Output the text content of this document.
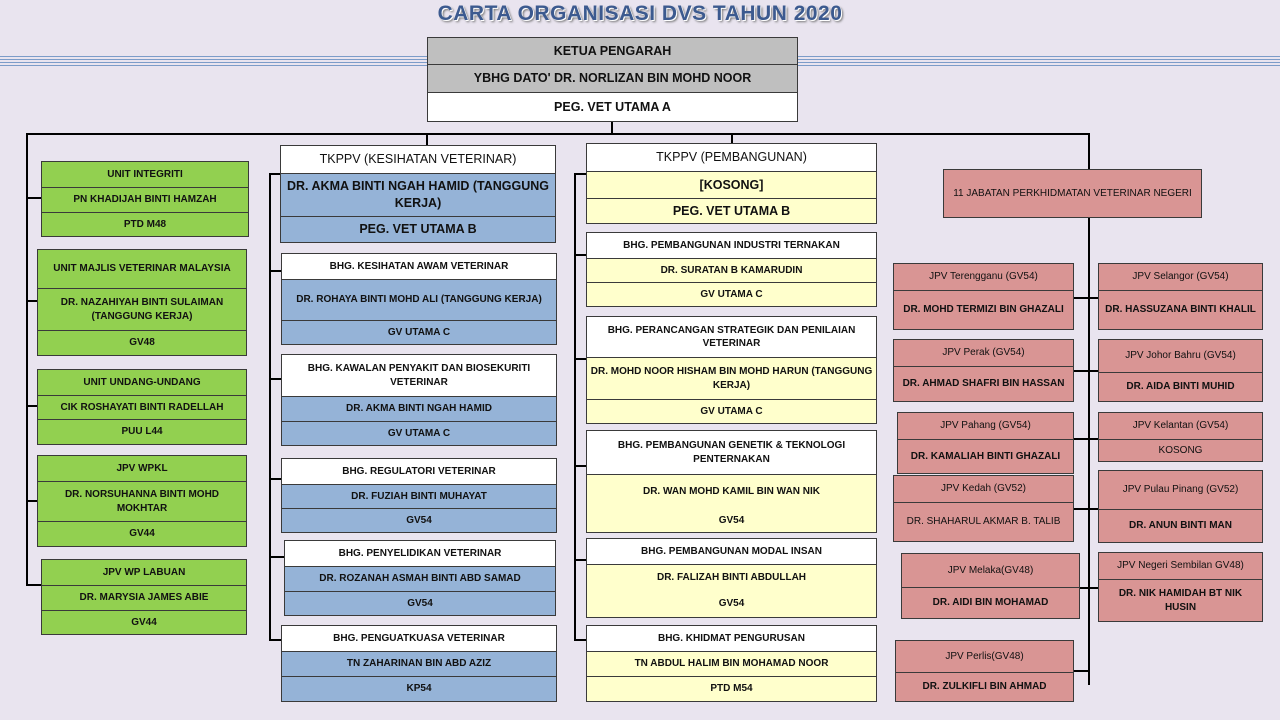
CARTA ORGANISASI DVS TAHUN 2020
KETUA PENGARAH
YBHG DATO' DR. NORLIZAN BIN MOHD NOOR
PEG. VET UTAMA A
UNIT INTEGRITI
PN KHADIJAH BINTI HAMZAH
PTD M48
UNIT MAJLIS VETERINAR MALAYSIA
DR. NAZAHIYAH BINTI SULAIMAN (TANGGUNG KERJA)
GV48
UNIT UNDANG-UNDANG
CIK ROSHAYATI BINTI RADELLAH
PUU L44
JPV WPKL
DR. NORSUHANNA BINTI MOHD MOKHTAR
GV44
JPV WP LABUAN
DR. MARYSIA JAMES ABIE
GV44
TKPPV (KESIHATAN VETERINAR)
DR. AKMA BINTI NGAH HAMID (TANGGUNG KERJA)
PEG. VET UTAMA B
BHG. KESIHATAN AWAM VETERINAR
DR. ROHAYA BINTI MOHD ALI (TANGGUNG KERJA)
GV UTAMA C
BHG. KAWALAN PENYAKIT DAN BIOSEKURITI VETERINAR
DR. AKMA BINTI NGAH HAMID
GV UTAMA C
BHG. REGULATORI VETERINAR
DR. FUZIAH BINTI MUHAYAT
GV54
BHG. PENYELIDIKAN VETERINAR
DR. ROZANAH ASMAH BINTI ABD SAMAD
GV54
BHG. PENGUATKUASA VETERINAR
TN ZAHARINAN BIN ABD AZIZ
KP54
TKPPV (PEMBANGUNAN)
[KOSONG]
PEG. VET UTAMA B
BHG. PEMBANGUNAN INDUSTRI TERNAKAN
DR. SURATAN B KAMARUDIN
GV UTAMA C
BHG. PERANCANGAN STRATEGIK DAN PENILAIAN VETERINAR
DR. MOHD NOOR HISHAM BIN MOHD HARUN (TANGGUNG KERJA)
GV UTAMA C
BHG. PEMBANGUNAN GENETIK & TEKNOLOGI PENTERNAKAN
DR. WAN MOHD KAMIL BIN WAN NIK
GV54
BHG. PEMBANGUNAN MODAL INSAN
DR. FALIZAH BINTI ABDULLAH
GV54
BHG. KHIDMAT PENGURUSAN
TN ABDUL HALIM BIN MOHAMAD NOOR
PTD M54
11 JABATAN PERKHIDMATAN VETERINAR NEGERI
JPV Terengganu (GV54)
DR. MOHD TERMIZI BIN GHAZALI
JPV Perak (GV54)
DR. AHMAD SHAFRI BIN HASSAN
JPV Pahang (GV54)
DR. KAMALIAH BINTI GHAZALI
JPV Kedah (GV52)
DR. SHAHARUL AKMAR B. TALIB
JPV Melaka(GV48)
DR. AIDI BIN MOHAMAD
JPV Perlis(GV48)
DR. ZULKIFLI BIN AHMAD
JPV Selangor (GV54)
DR. HASSUZANA BINTI KHALIL
JPV Johor Bahru (GV54)
DR. AIDA BINTI MUHID
JPV Kelantan (GV54)
KOSONG
JPV Pulau Pinang (GV52)
DR. ANUN BINTI MAN
JPV Negeri Sembilan GV48)
DR. NIK HAMIDAH BT NIK HUSIN
